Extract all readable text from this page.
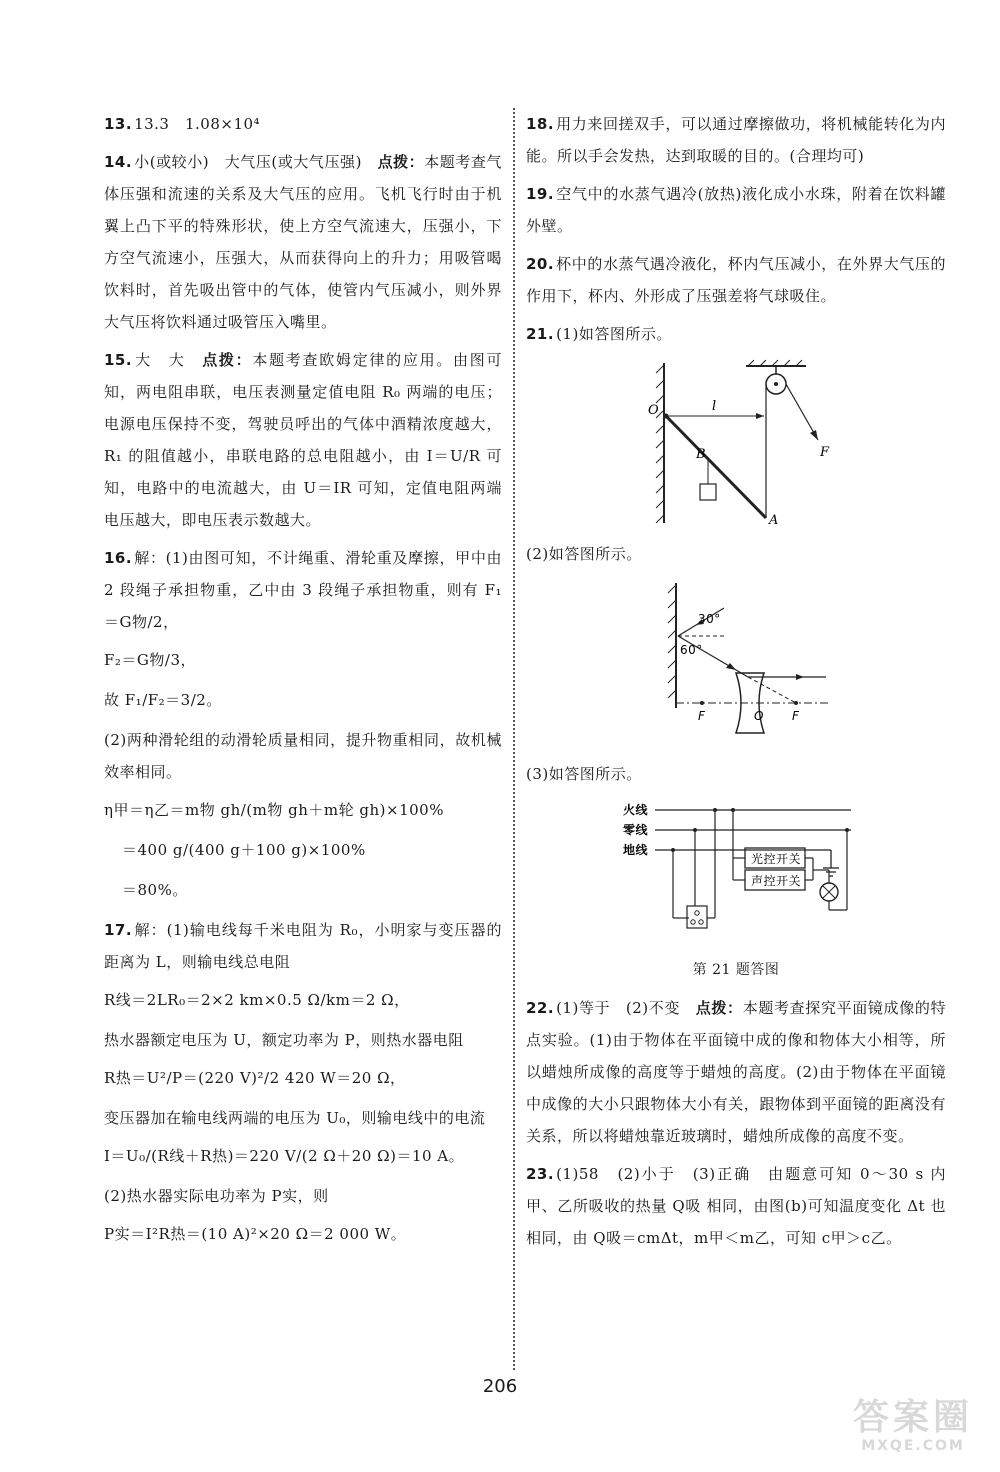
13. 13.3　1.08×10⁴

14. 小(或较小)　大气压(或大气压强)　点拨：本题考查气体压强和流速的关系及大气压的应用。飞机飞行时由于机翼上凸下平的特殊形状，使上方空气流速大，压强小，下方空气流速小，压强大，从而获得向上的升力；用吸管喝饮料时，首先吸出管中的气体，使管内气压减小，则外界大气压将饮料通过吸管压入嘴里。

15. 大　大　点拨：本题考查欧姆定律的应用。由图可知，两电阻串联，电压表测量定值电阻 R₀ 两端的电压；电源电压保持不变，驾驶员呼出的气体中酒精浓度越大，R₁ 的阻值越小，串联电路的总电阻越小，由 I＝U/R 可知，电路中的电流越大，由 U＝IR 可知，定值电阻两端电压越大，即电压表示数越大。

16. 解：(1)由图可知，不计绳重、滑轮重及摩擦，甲中由 2 段绳子承担物重，乙中由 3 段绳子承担物重，则有 F₁＝G物/2，

F₂＝G物/3，

故 F₁/F₂＝3/2。

(2)两种滑轮组的动滑轮质量相同，提升物重相同，故机械效率相同。

η甲＝η乙＝m物 gh/(m物 gh＋m轮 gh)×100%

＝400 g/(400 g＋100 g)×100%

＝80%。

17. 解：(1)输电线每千米电阻为 R₀，小明家与变压器的距离为 L，则输电线总电阻

R线＝2LR₀＝2×2 km×0.5 Ω/km＝2 Ω，

热水器额定电压为 U，额定功率为 P，则热水器电阻

R热＝U²/P＝(220 V)²/2 420 W＝20 Ω，

变压器加在输电线两端的电压为 U₀，则输电线中的电流

I＝U₀/(R线＋R热)＝220 V/(2 Ω＋20 Ω)＝10 A。

(2)热水器实际电功率为 P实，则

P实＝I²R热＝(10 A)²×20 Ω＝2 000 W。

18. 用力来回搓双手，可以通过摩擦做功，将机械能转化为内能。所以手会发热，达到取暖的目的。(合理均可)

19. 空气中的水蒸气遇冷(放热)液化成小水珠，附着在饮料罐外壁。

20. 杯中的水蒸气遇冷液化，杯内气压减小，在外界大气压的作用下，杯内、外形成了压强差将气球吸住。

21. (1)如答图所示。

O	l
F
B
A

(2)如答图所示。

30°
60°
F	O F

(3)如答图所示。

火线
零线
地线
光控开关
声控开关

第 21 题答图

22. (1)等于　(2)不变　点拨：本题考查探究平面镜成像的特点实验。(1)由于物体在平面镜中成的像和物体大小相等，所以蜡烛所成像的高度等于蜡烛的高度。(2)由于物体在平面镜中成像的大小只跟物体大小有关，跟物体到平面镜的距离没有关系，所以将蜡烛靠近玻璃时，蜡烛所成像的高度不变。

23. (1)58　(2)小于　(3)正确　由题意可知 0～30 s 内甲、乙所吸收的热量 Q吸 相同，由图(b)可知温度变化 Δt 也相同，由 Q吸＝cmΔt，m甲＜m乙，可知 c甲＞c乙。

206
答案圈
MXQE.COM
